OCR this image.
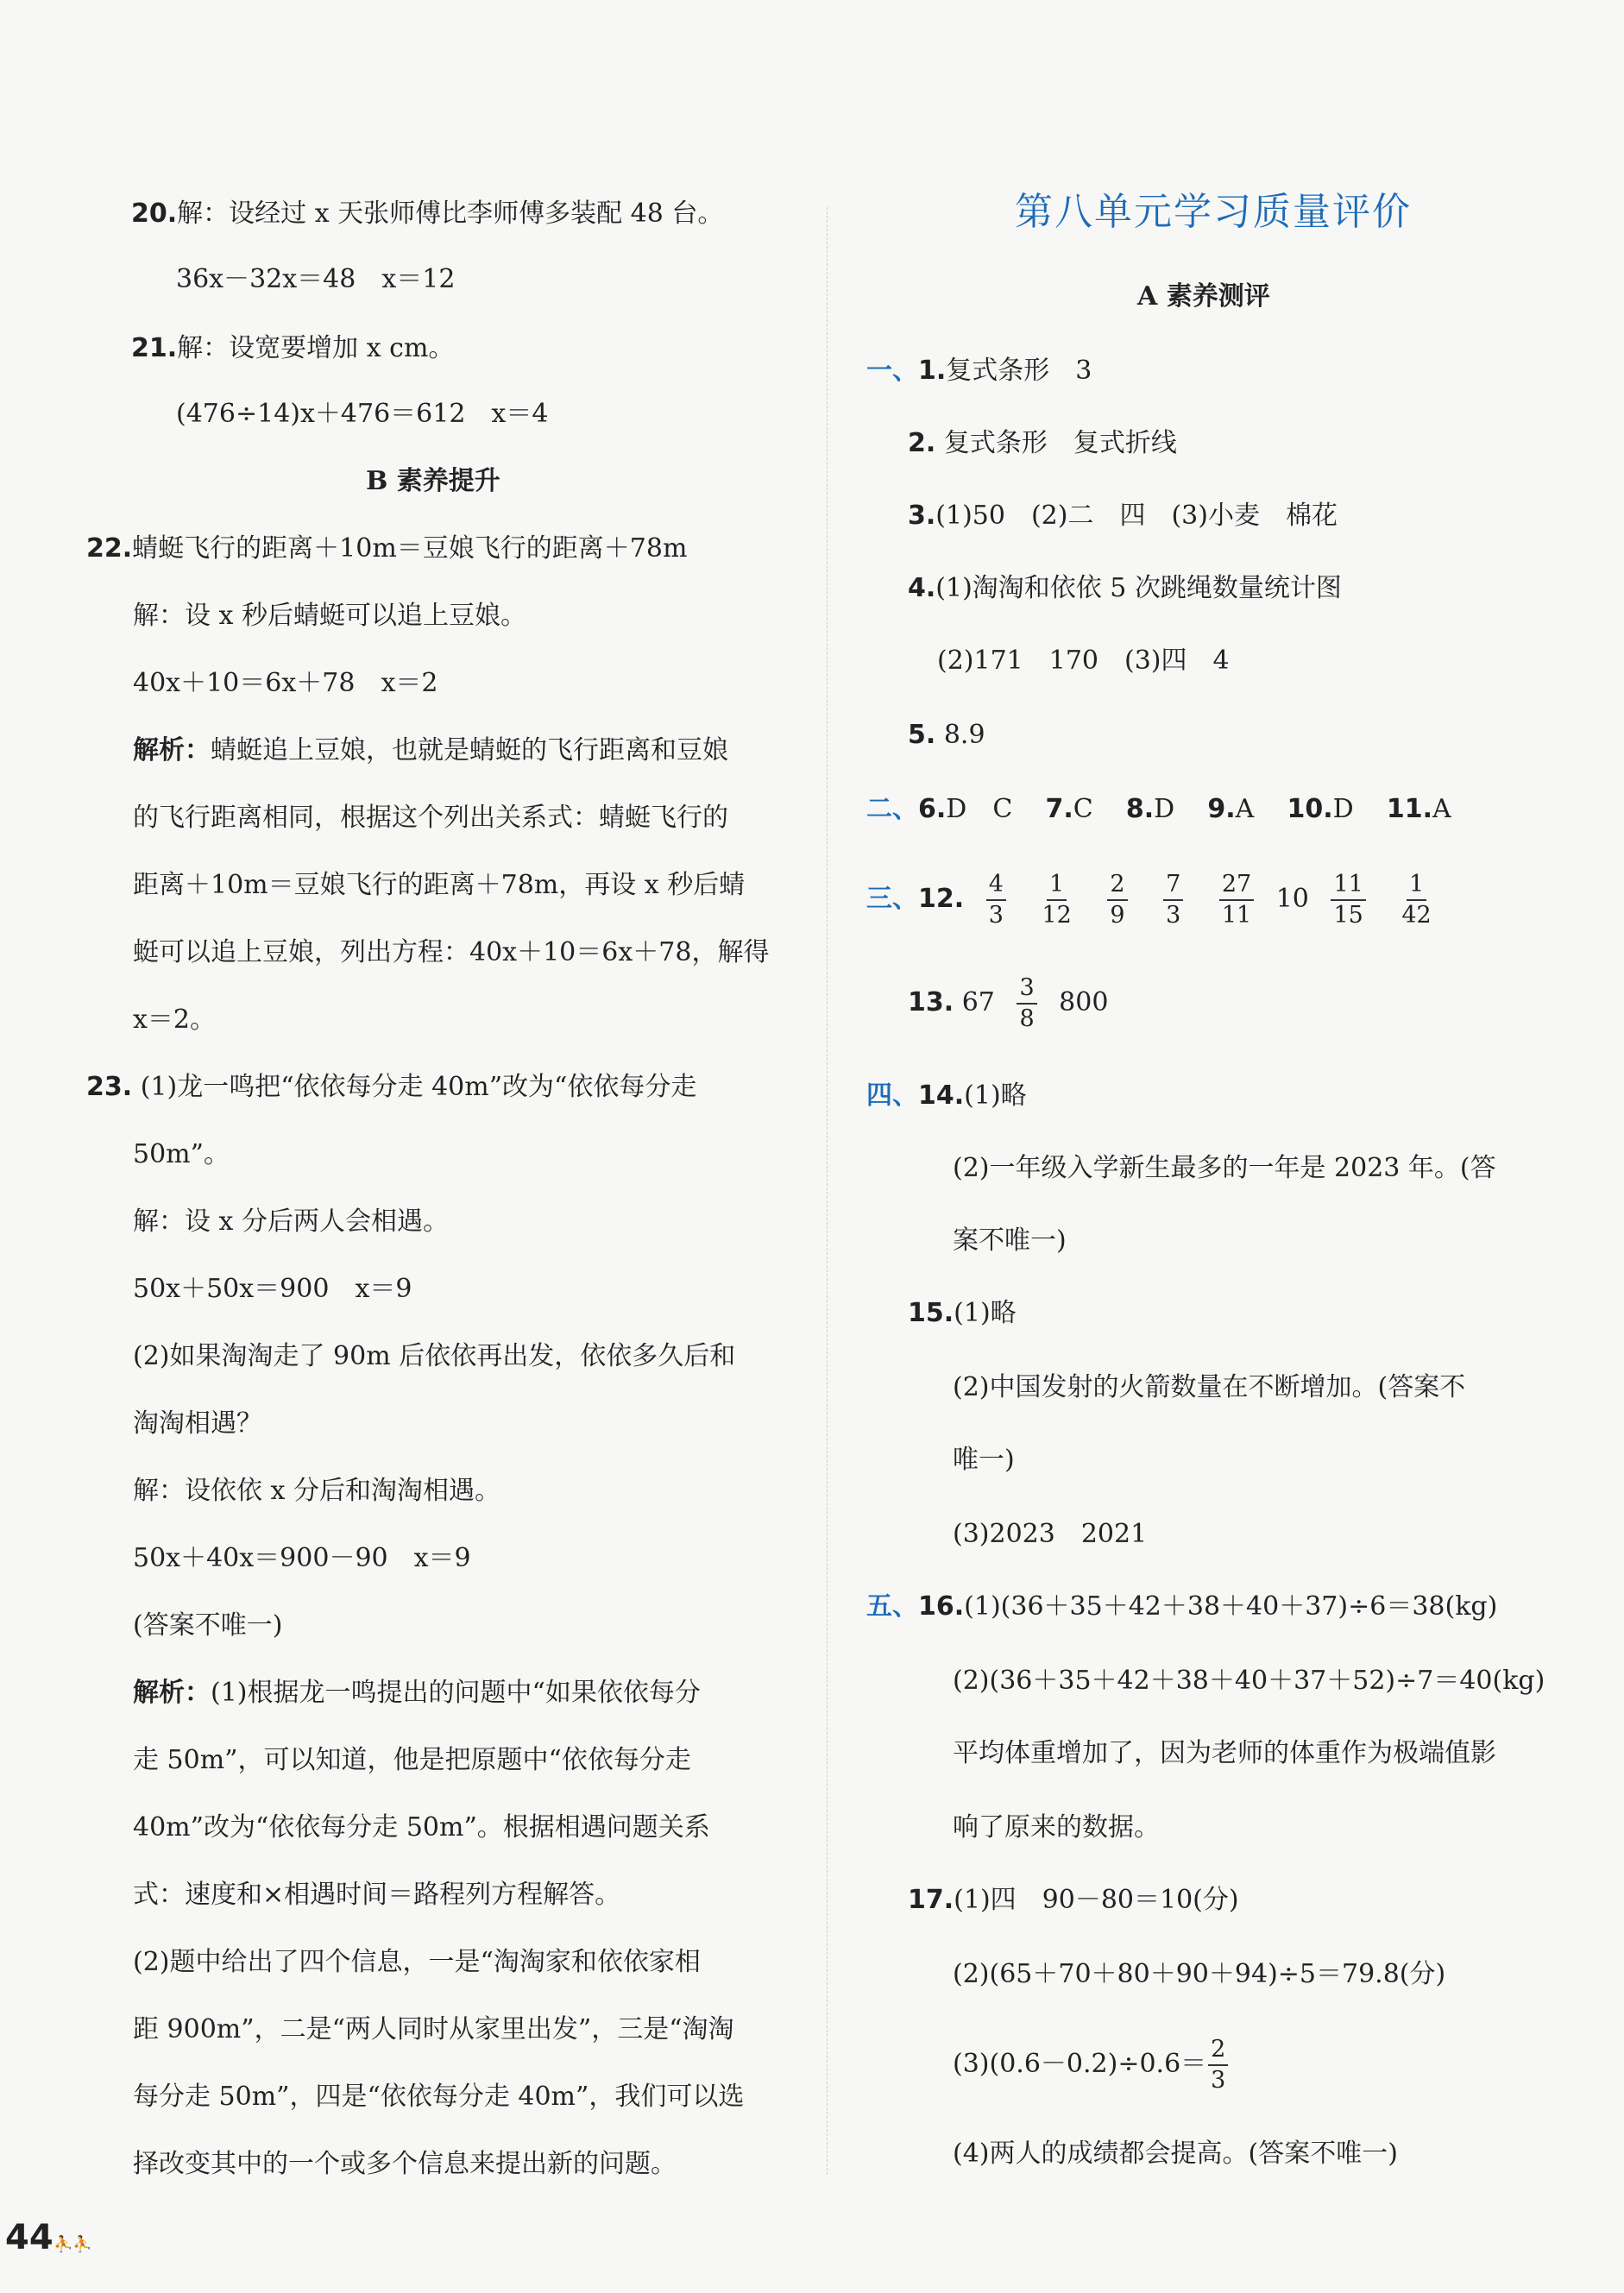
20.解：设经过 x 天张师傅比李师傅多装配 48 台。
36x－32x＝48　x＝12
21.解：设宽要增加 x cm。
(476÷14)x＋476＝612　x＝4
B 素养提升
22.蜻蜓飞行的距离＋10m＝豆娘飞行的距离＋78m
解：设 x 秒后蜻蜓可以追上豆娘。
40x＋10＝6x＋78　x＝2
解析：蜻蜓追上豆娘，也就是蜻蜓的飞行距离和豆娘
的飞行距离相同，根据这个列出关系式：蜻蜓飞行的
距离＋10m＝豆娘飞行的距离＋78m，再设 x 秒后蜻
蜓可以追上豆娘，列出方程：40x＋10＝6x＋78，解得
x＝2。
23. (1)龙一鸣把“依依每分走 40m”改为“依依每分走
50m”。
解：设 x 分后两人会相遇。
50x＋50x＝900　x＝9
(2)如果淘淘走了 90m 后依依再出发，依依多久后和
淘淘相遇？
解：设依依 x 分后和淘淘相遇。
50x＋40x＝900－90　x＝9
(答案不唯一)
解析：(1)根据龙一鸣提出的问题中“如果依依每分
走 50m”，可以知道，他是把原题中“依依每分走
40m”改为“依依每分走 50m”。根据相遇问题关系
式：速度和×相遇时间＝路程列方程解答。
(2)题中给出了四个信息，一是“淘淘家和依依家相
距 900m”，二是“两人同时从家里出发”，三是“淘淘
每分走 50m”，四是“依依每分走 40m”，我们可以选
择改变其中的一个或多个信息来提出新的问题。
第八单元学习质量评价
A 素养测评
一、1.复式条形　3
2. 复式条形　复式折线
3.(1)50　(2)二　四　(3)小麦　棉花
4.(1)淘淘和依依 5 次跳绳数量统计图
(2)171　170　(3)四　4
5. 8.9
二、6.D　C 7.C 8.D 9.A 10.D 11.A
三、12. $\frac{4}{3}$
$\frac{1}{12}$
$\frac{2}{9}$
$\frac{7}{3}$
$\frac{27}{11} 10 \frac{11}{15}$
$\frac{1}{42}$
13. $67 \frac{3}{8} 800$
四、14.(1)略
(2)一年级入学新生最多的一年是 2023 年。(答
案不唯一)
15.(1)略
(2)中国发射的火箭数量在不断增加。(答案不
唯一)
(3)2023　2021
五、16.(1)(36＋35＋42＋38＋40＋37)÷6＝38(kg)
(2)(36＋35＋42＋38＋40＋37＋52)÷7＝40(kg)
平均体重增加了，因为老师的体重作为极端值影
响了原来的数据。
17.(1)四　90－80＝10(分)
(2)(65＋70＋80＋90＋94)÷5＝79.8(分)
$(3)(0.6-0.2)\div 0.6= \frac{2}{3}$
(4)两人的成绩都会提高。(答案不唯一)
44 ⛹⛹
